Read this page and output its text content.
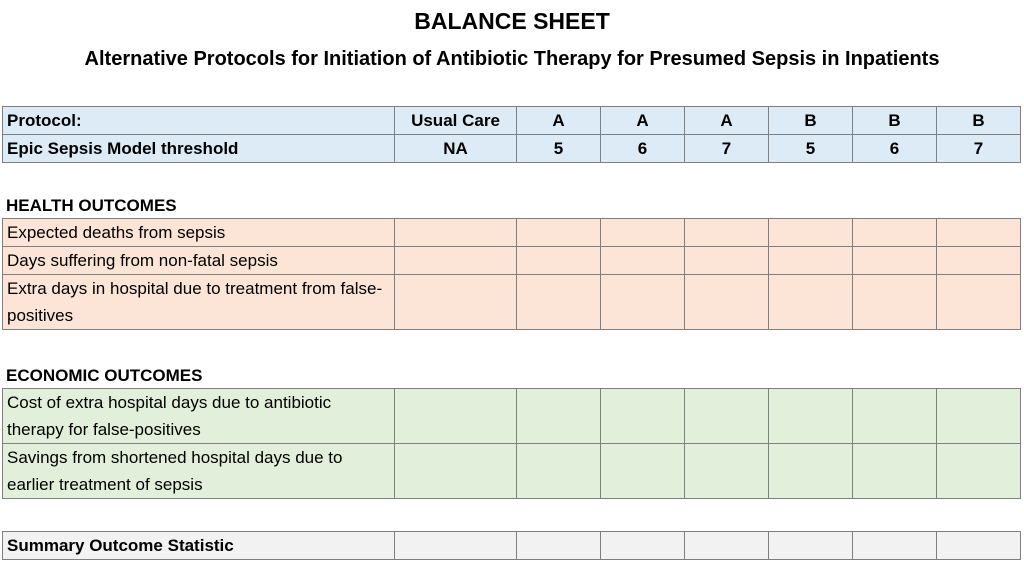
BALANCE SHEET
Alternative Protocols for Initiation of Antibiotic Therapy for Presumed Sepsis in Inpatients
Protocol:	Usual Care	A	A	A	B	B	B
Epic Sepsis Model threshold	NA	5	6	7	5	6	7
HEALTH OUTCOMES
Expected deaths from sepsis							
Days suffering from non-fatal sepsis							
Extra days in hospital due to treatment from false-positives							
ECONOMIC OUTCOMES
Cost of extra hospital days due to antibiotic therapy for false-positives							
Savings from shortened hospital days due to earlier treatment of sepsis							
Summary Outcome Statistic							
